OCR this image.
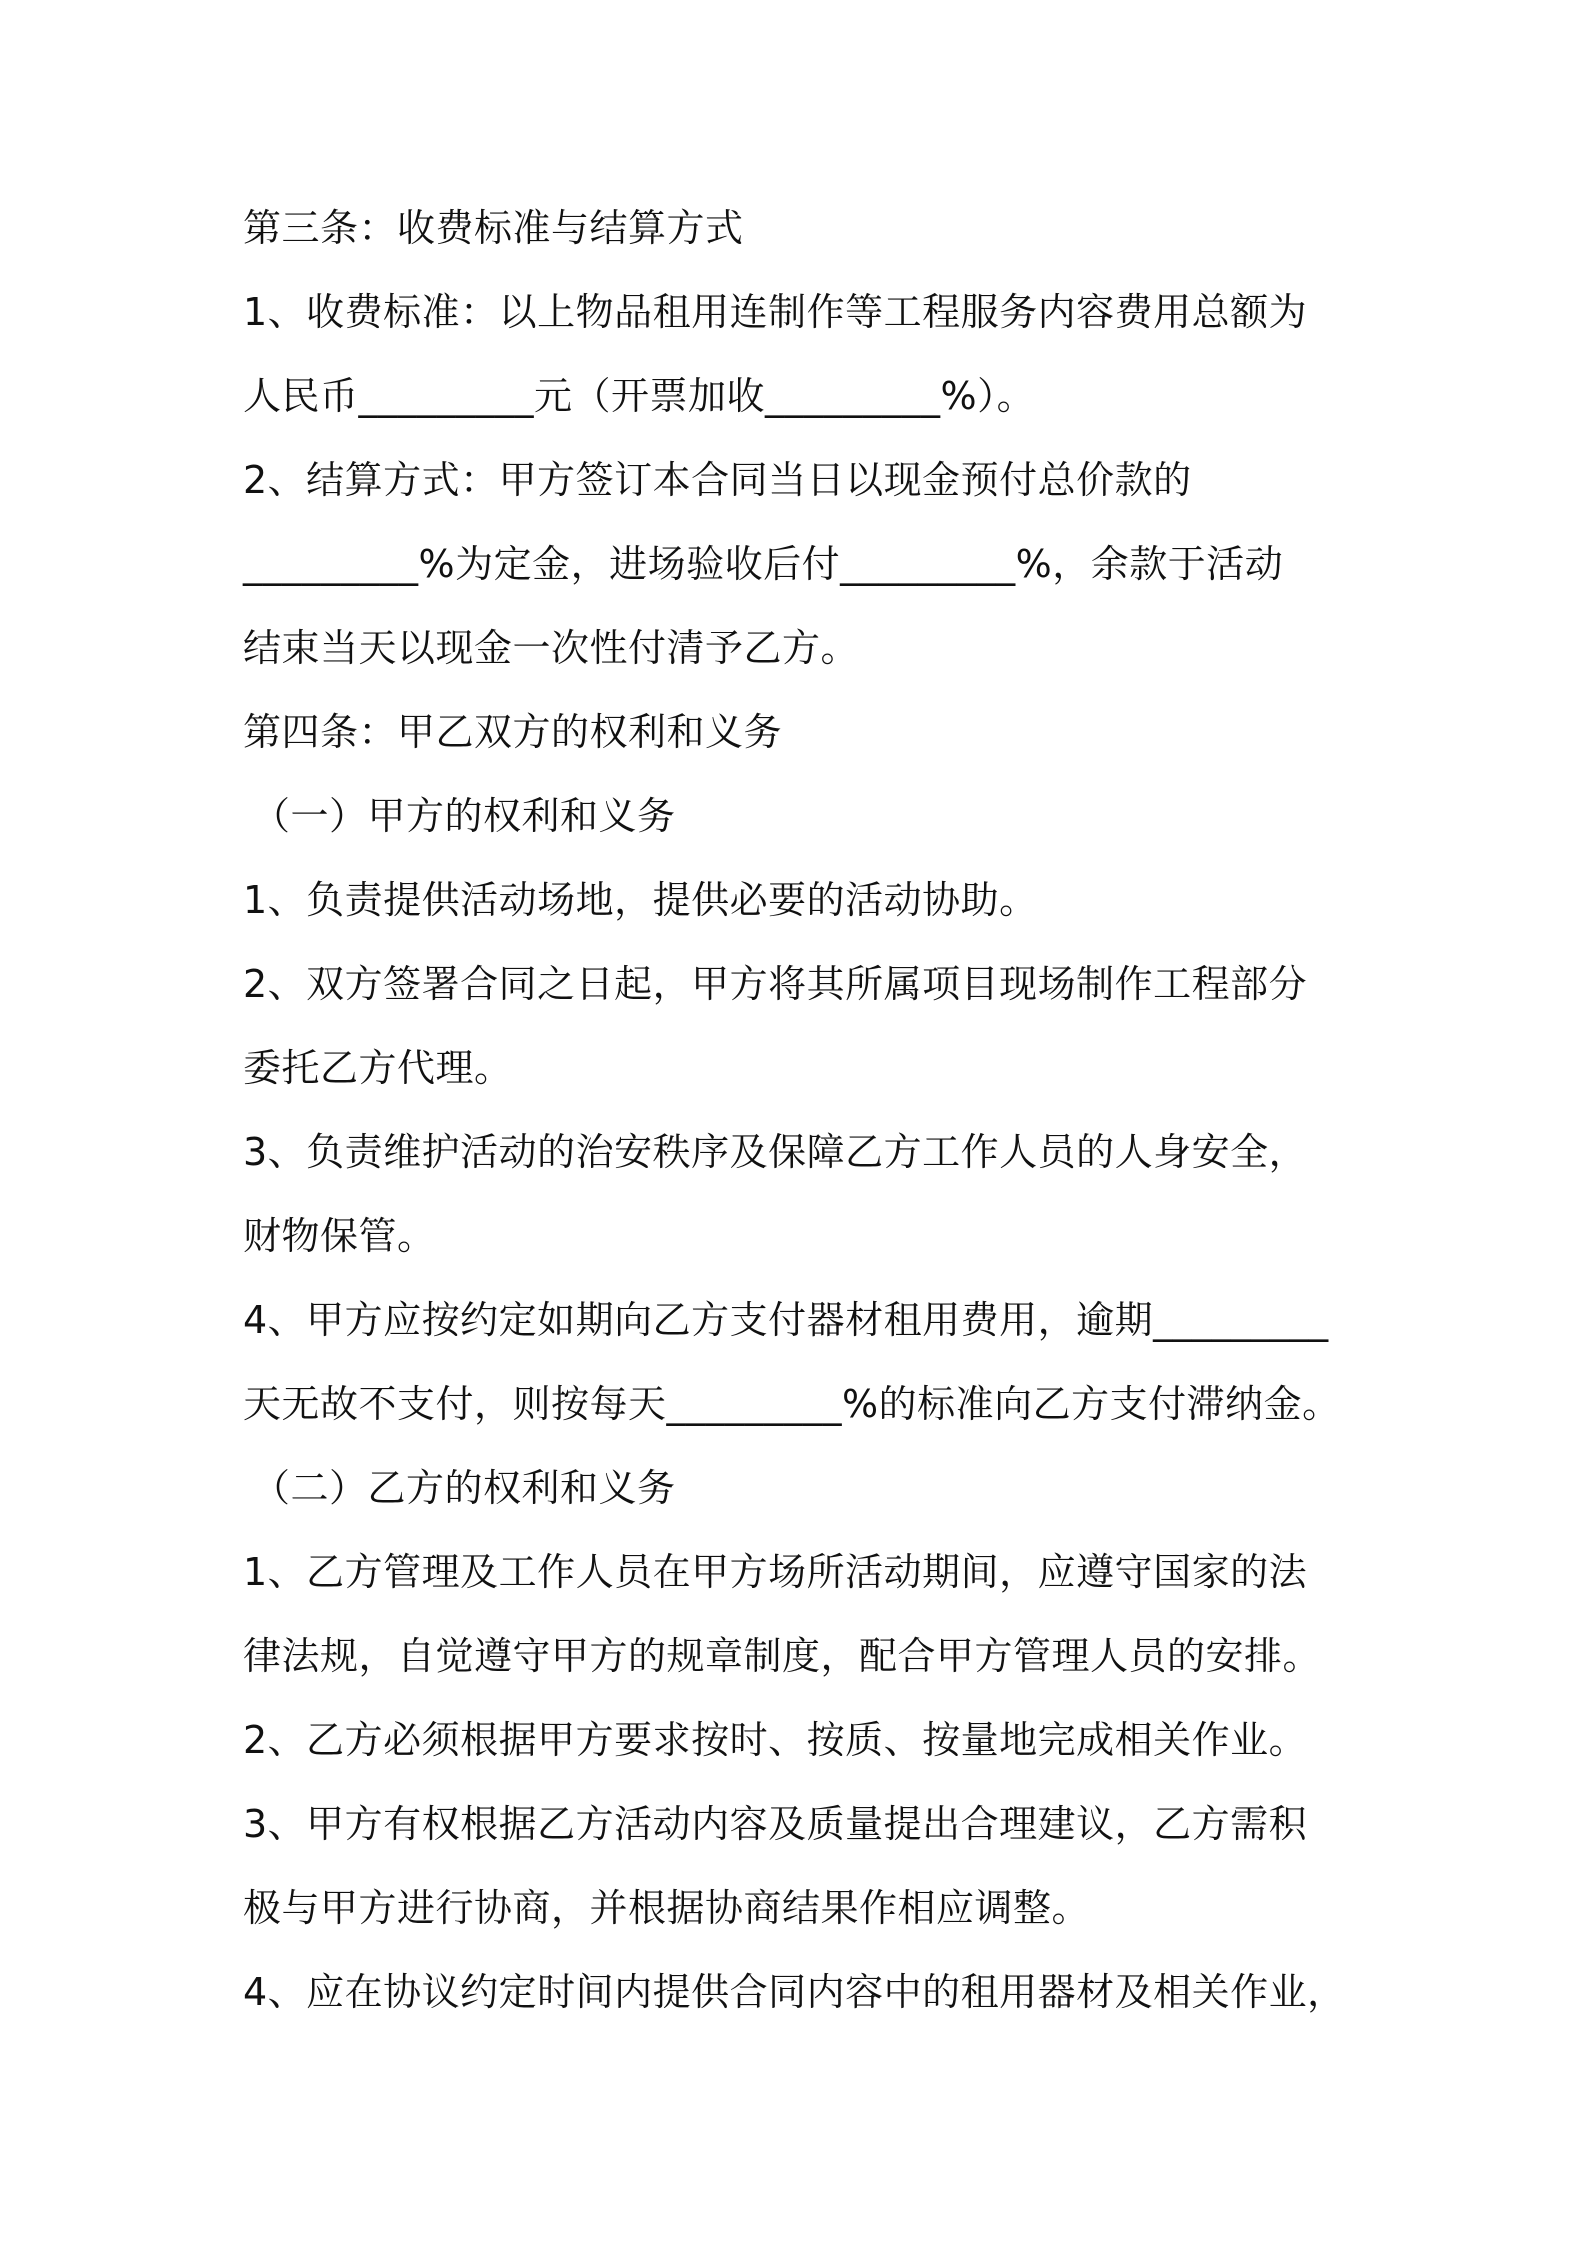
第三条：收费标准与结算方式
1、收费标准：以上物品租用连制作等工程服务内容费用总额为
人民币_________元（开票加收_________%）。
2、结算方式：甲方签订本合同当日以现金预付总价款的
_________%为定金，进场验收后付_________%，余款于活动
结束当天以现金一次性付清予乙方。
第四条：甲乙双方的权利和义务
（一）甲方的权利和义务
1、负责提供活动场地，提供必要的活动协助。
2、双方签署合同之日起，甲方将其所属项目现场制作工程部分
委托乙方代理。
3、负责维护活动的治安秩序及保障乙方工作人员的人身安全，
财物保管。
4、甲方应按约定如期向乙方支付器材租用费用，逾期_________
天无故不支付，则按每天_________%的标准向乙方支付滞纳金。
（二）乙方的权利和义务
1、乙方管理及工作人员在甲方场所活动期间，应遵守国家的法
律法规，自觉遵守甲方的规章制度，配合甲方管理人员的安排。
2、乙方必须根据甲方要求按时、按质、按量地完成相关作业。
3、甲方有权根据乙方活动内容及质量提出合理建议，乙方需积
极与甲方进行协商，并根据协商结果作相应调整。
4、应在协议约定时间内提供合同内容中的租用器材及相关作业，
